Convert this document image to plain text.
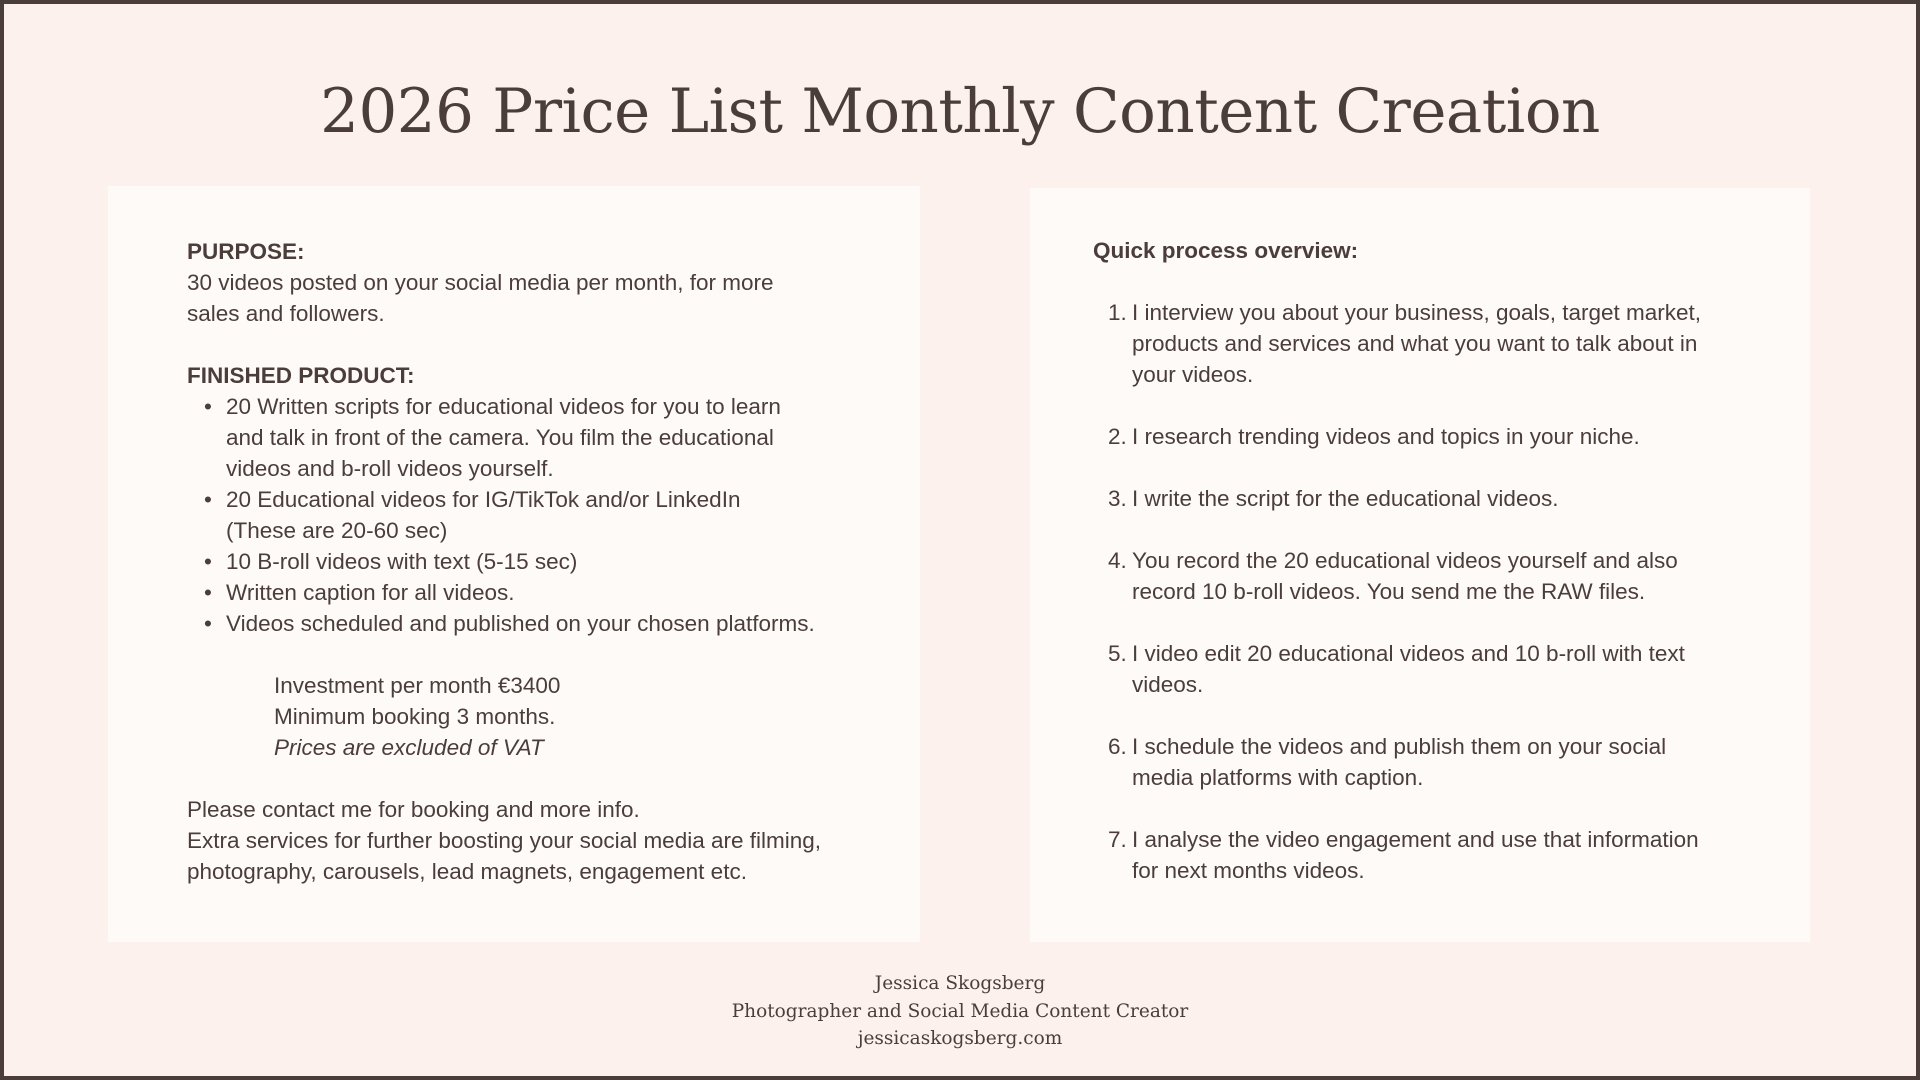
2026 Price List Monthly Content Creation
PURPOSE:
30 videos posted on your social media per month, for more
sales and followers.
FINISHED PRODUCT:
• 20 Written scripts for educational videos for you to learn
and talk in front of the camera. You film the educational
videos and b-roll videos yourself.
• 20 Educational videos for IG/TikTok and/or LinkedIn
(These are 20-60 sec)
• 10 B-roll videos with text (5-15 sec)
• Written caption for all videos.
• Videos scheduled and published on your chosen platforms.
Investment per month €3400
Minimum booking 3 months.
Prices are excluded of VAT
Please contact me for booking and more info.
Extra services for further boosting your social media are filming,
photography, carousels, lead magnets, engagement etc.
Quick process overview:
1. I interview you about your business, goals, target market,
products and services and what you want to talk about in
your videos.
2. I research trending videos and topics in your niche.
3. I write the script for the educational videos.
4. You record the 20 educational videos yourself and also
record 10 b-roll videos. You send me the RAW files.
5. I video edit 20 educational videos and 10 b-roll with text
videos.
6. I schedule the videos and publish them on your social
media platforms with caption.
7. I analyse the video engagement and use that information
for next months videos.
Jessica Skogsberg
Photographer and Social Media Content Creator
jessicaskogsberg.com
